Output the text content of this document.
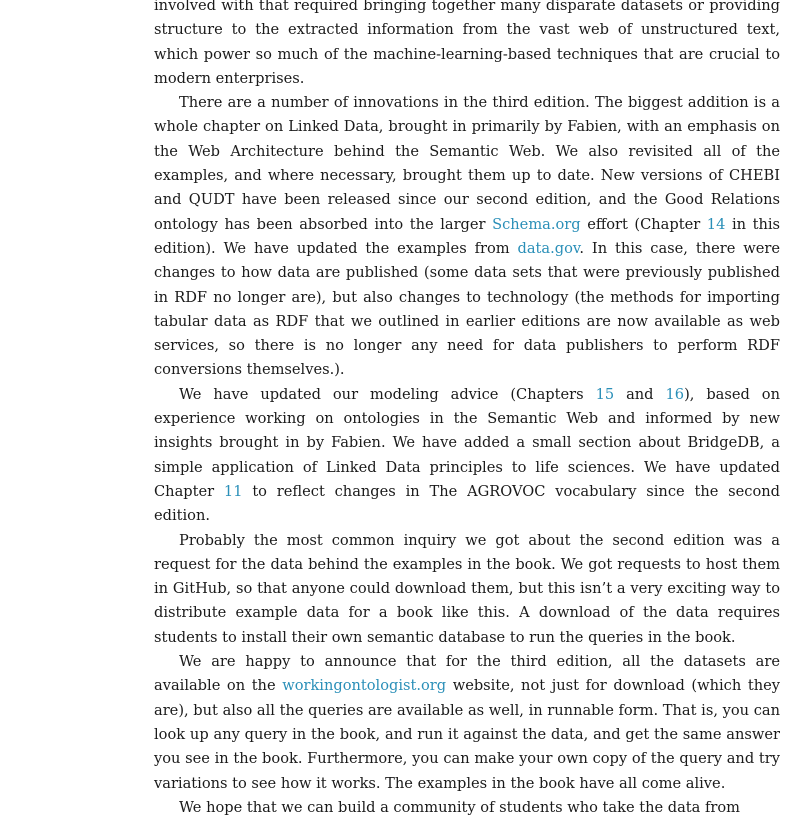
involved with that required bringing together many disparate datasets or providing structure to the extracted information from the vast web of unstructured text, which power so much of the machine-learning-based techniques that are crucial to modern enterprises.

There are a number of innovations in the third edition. The biggest addition is a whole chapter on Linked Data, brought in primarily by Fabien, with an emphasis on the Web Architecture behind the Semantic Web. We also revisited all of the examples, and where necessary, brought them up to date. New versions of CHEBI and QUDT have been released since our second edition, and the Good Relations ontology has been absorbed into the larger Schema.org effort (Chapter 14 in this edition). We have updated the examples from data.gov. In this case, there were changes to how data are published (some data sets that were previously published in RDF no longer are), but also changes to technology (the methods for importing tabular data as RDF that we outlined in earlier editions are now available as web services, so there is no longer any need for data publishers to perform RDF conversions themselves.).

We have updated our modeling advice (Chapters 15 and 16), based on experience working on ontologies in the Semantic Web and informed by new insights brought in by Fabien. We have added a small section about BridgeDB, a simple application of Linked Data principles to life sciences. We have updated Chapter 11 to reflect changes in The AGROVOC vocabulary since the second edition.

Probably the most common inquiry we got about the second edition was a request for the data behind the examples in the book. We got requests to host them in GitHub, so that anyone could download them, but this isn’t a very exciting way to distribute example data for a book like this. A download of the data requires students to install their own semantic database to run the queries in the book.

We are happy to announce that for the third edition, all the datasets are available on the workingontologist.org website, not just for download (which they are), but also all the queries are available as well, in runnable form. That is, you can look up any query in the book, and run it against the data, and get the same answer you see in the book. Furthermore, you can make your own copy of the query and try variations to see how it works. The examples in the book have all come alive.

We hope that we can build a community of students who take the data from
